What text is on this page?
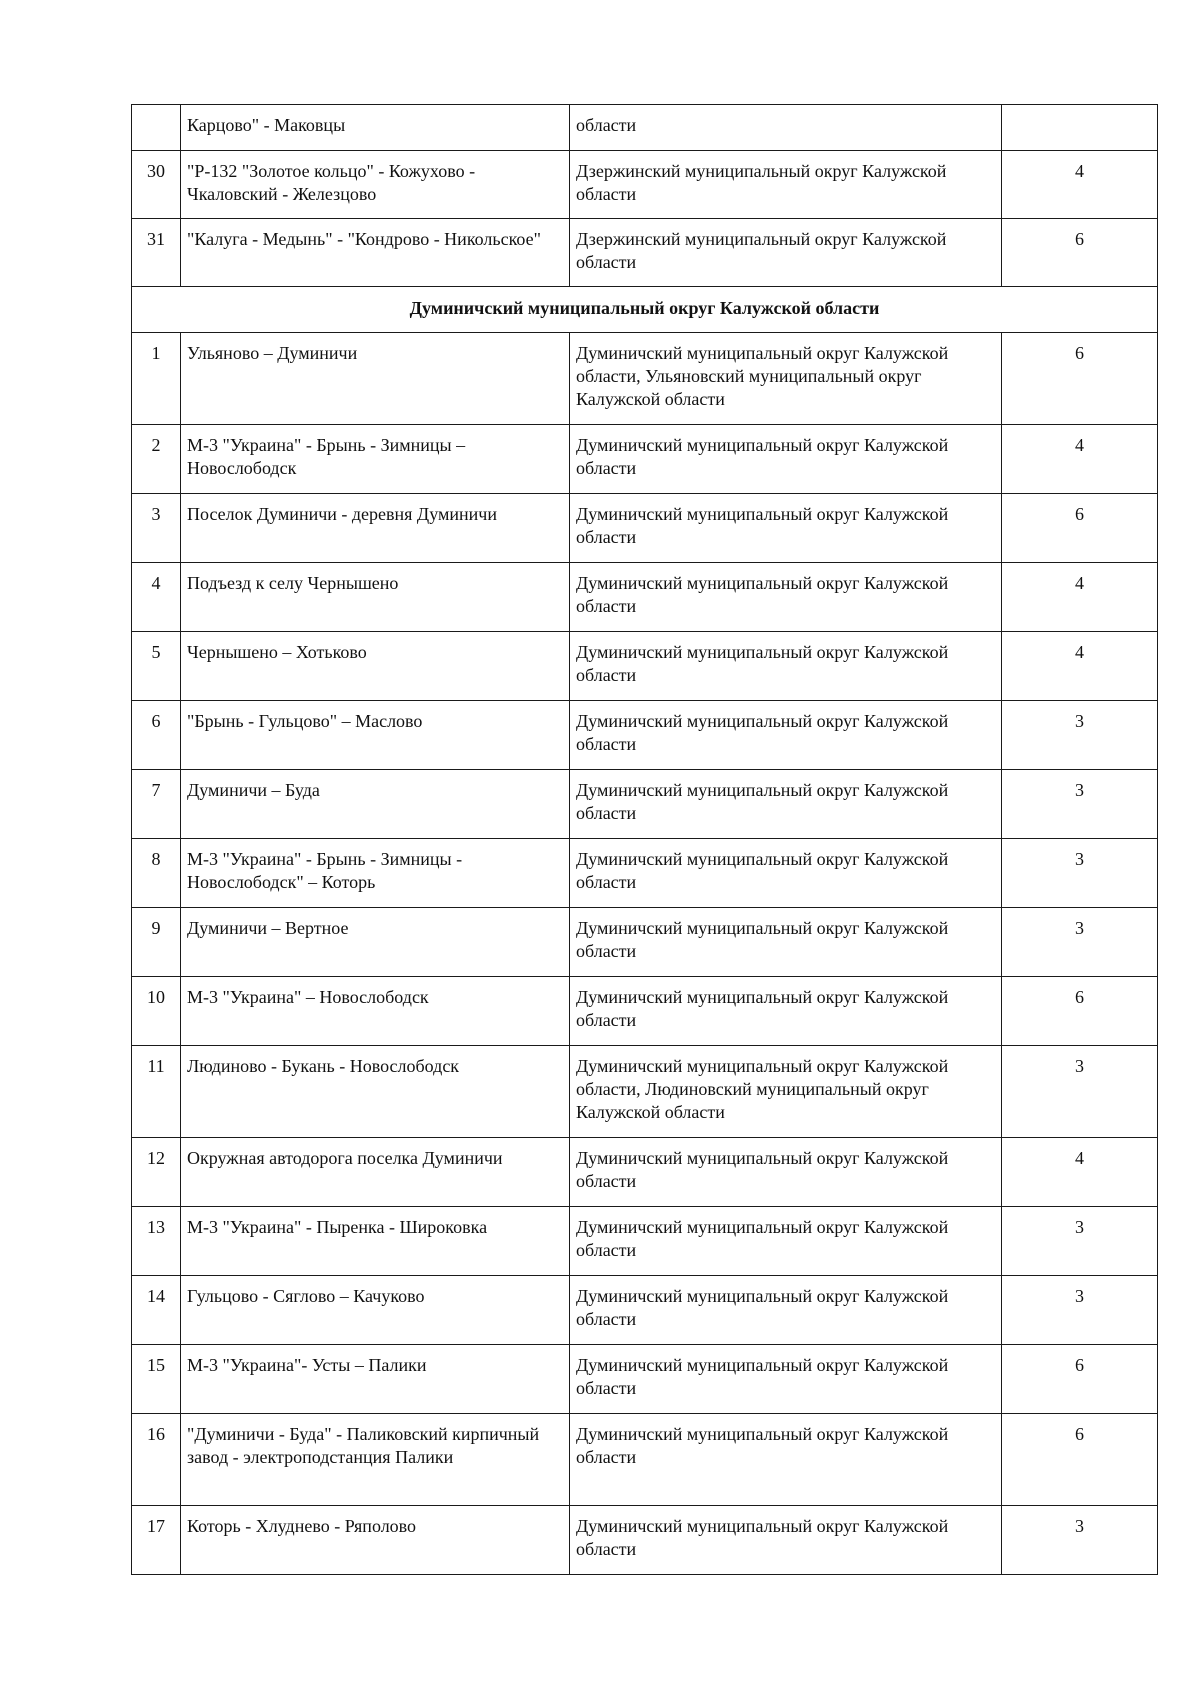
	Карцово" - Маковцы	области	
30	"Р-132 "Золотое кольцо" - Кожухово - Чкаловский - Железцово	Дзержинский муниципальный округ Калужской области	4
31	"Калуга - Медынь" - "Кондрово - Никольское"	Дзержинский муниципальный округ Калужской области	6
Думиничский муниципальный округ Калужской области			
1	Ульяново – Думиничи	Думиничский муниципальный округ Калужской области, Ульяновский муниципальный округ Калужской области	6
2	М-3 "Украина" - Брынь - Зимницы – Новослободск	Думиничский муниципальный округ Калужской области	4
3	Поселок Думиничи - деревня Думиничи	Думиничский муниципальный округ Калужской области	6
4	Подъезд к селу Чернышено	Думиничский муниципальный округ Калужской области	4
5	Чернышено – Хотьково	Думиничский муниципальный округ Калужской области	4
6	"Брынь - Гульцово" – Маслово	Думиничский муниципальный округ Калужской области	3
7	Думиничи – Буда	Думиничский муниципальный округ Калужской области	3
8	М-3 "Украина" - Брынь - Зимницы - Новослободск" – Которь	Думиничский муниципальный округ Калужской области	3
9	Думиничи – Вертное	Думиничский муниципальный округ Калужской области	3
10	М-3 "Украина" – Новослободск	Думиничский муниципальный округ Калужской области	6
11	Людиново - Букань - Новослободск	Думиничский муниципальный округ Калужской области, Людиновский муниципальный округ Калужской области	3
12	Окружная автодорога поселка Думиничи	Думиничский муниципальный округ Калужской области	4
13	М-3 "Украина" - Пыренка - Широковка	Думиничский муниципальный округ Калужской области	3
14	Гульцово - Сяглово – Качуково	Думиничский муниципальный округ Калужской области	3
15	М-3 "Украина"- Усты – Палики	Думиничский муниципальный округ Калужской области	6
16	"Думиничи - Буда" - Паликовский кирпичный завод - электроподстанция Палики	Думиничский муниципальный округ Калужской области	6
17	Которь - Хлуднево - Ряполово	Думиничский муниципальный округ Калужской области	3
